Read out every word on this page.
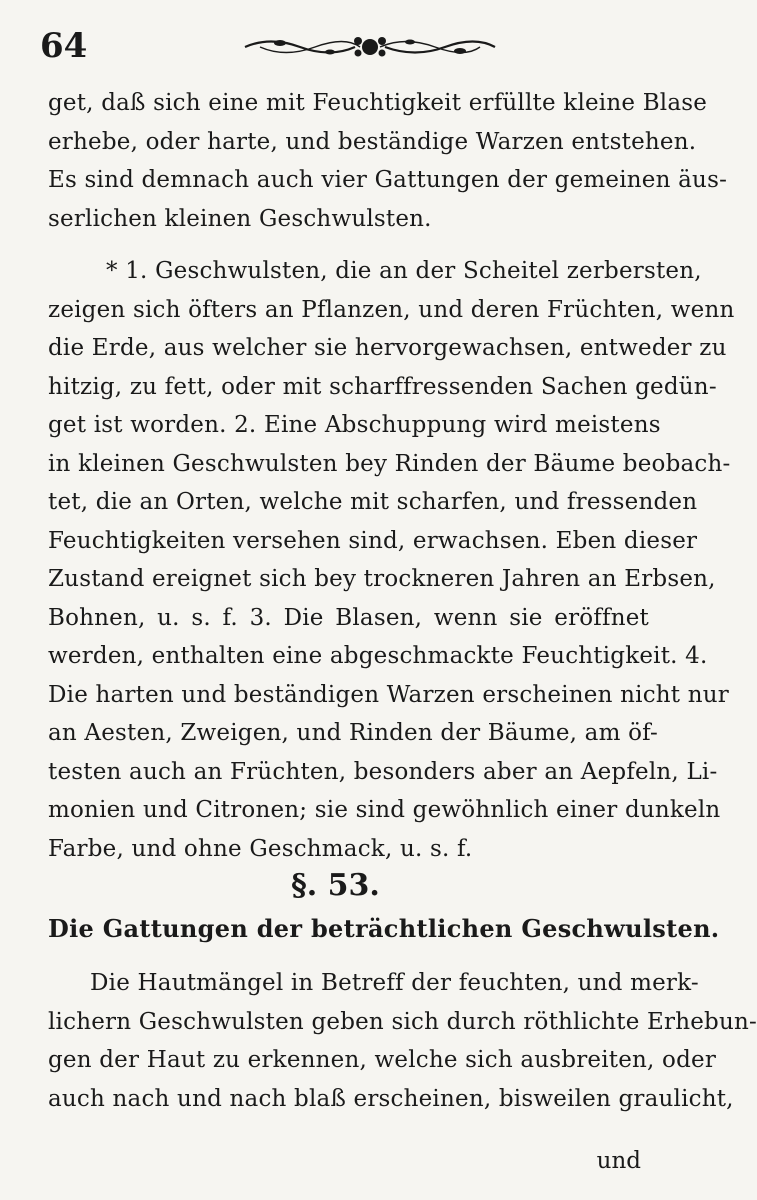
64
get, daß sich eine mit Feuchtigkeit erfüllte kleine Blase
erhebe, oder harte, und beständige Warzen entstehen.
Es sind demnach auch vier Gattungen der gemeinen äus-
serlichen kleinen Geschwulsten.
* 1. Geschwulsten, die an der Scheitel zerbersten,
zeigen sich öfters an Pflanzen, und deren Früchten, wenn
die Erde, aus welcher sie hervorgewachsen, entweder zu
hitzig, zu fett, oder mit scharffressenden Sachen gedün-
get ist worden. 2. Eine Abschuppung wird meistens
in kleinen Geschwulsten bey Rinden der Bäume beobach-
tet, die an Orten, welche mit scharfen, und fressenden
Feuchtigkeiten versehen sind, erwachsen. Eben dieser
Zustand ereignet sich bey trockneren Jahren an Erbsen,
Bohnen, u. s. f. 3. Die Blasen, wenn sie eröffnet
werden, enthalten eine abgeschmackte Feuchtigkeit. 4.
Die harten und beständigen Warzen erscheinen nicht nur
an Aesten, Zweigen, und Rinden der Bäume, am öf-
testen auch an Früchten, besonders aber an Aepfeln, Li-
monien und Citronen; sie sind gewöhnlich einer dunkeln
Farbe, und ohne Geschmack, u. s. f.
§. 53.
Die Gattungen der beträchtlichen Geschwulsten.
Die Hautmängel in Betreff der feuchten, und merk-
lichern Geschwulsten geben sich durch röthlichte Erhebun-
gen der Haut zu erkennen, welche sich ausbreiten, oder
auch nach und nach blaß erscheinen, bisweilen graulicht,
und
